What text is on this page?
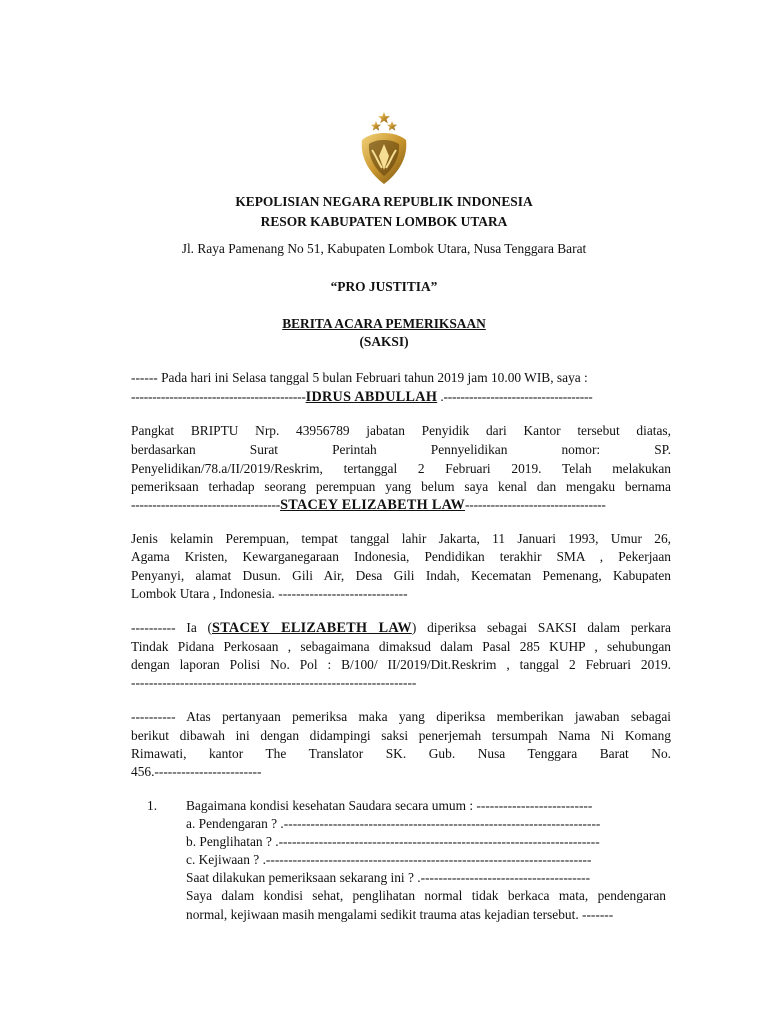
KEPOLISIAN NEGARA REPUBLIK INDONESIA
RESOR KABUPATEN LOMBOK UTARA
Jl. Raya Pamenang No 51, Kabupaten Lombok Utara, Nusa Tenggara Barat
“PRO JUSTITIA”
BERITA ACARA PEMERIKSAAN
(SAKSI)
------ Pada hari ini Selasa tanggal 5 bulan Februari tahun 2019 jam 10.00 WIB, saya :
-----------------------------------------IDRUS ABDULLAH .-----------------------------------
Pangkat BRIPTU Nrp. 43956789 jabatan Penyidik dari Kantor tersebut diatas,
berdasarkan Surat Perintah Pennyelidikan nomor: SP.
Penyelidikan/78.a/II/2019/Reskrim, tertanggal 2 Februari 2019. Telah melakukan
pemeriksaan terhadap seorang perempuan yang belum saya kenal dan mengaku bernama
-----------------------------------STACEY ELIZABETH LAW---------------------------------
Jenis kelamin Perempuan, tempat tanggal lahir Jakarta, 11 Januari 1993, Umur 26,
Agama Kristen, Kewarganegaraan Indonesia, Pendidikan terakhir SMA , Pekerjaan
Penyanyi, alamat Dusun. Gili Air, Desa Gili Indah, Kecematan Pemenang, Kabupaten
Lombok Utara , Indonesia. -----------------------------
---------- Ia (STACEY ELIZABETH LAW) diperiksa sebagai SAKSI dalam perkara
Tindak Pidana Perkosaan , sebagaimana dimaksud dalam Pasal 285 KUHP , sehubungan
dengan laporan Polisi No. Pol : B/100/ II/2019/Dit.Reskrim , tanggal 2 Februari 2019.
----------------------------------------------------------------
---------- Atas pertanyaan pemeriksa maka yang diperiksa memberikan jawaban sebagai
berikut dibawah ini dengan didampingi saksi penerjemah tersumpah Nama Ni Komang
Rimawati, kantor The Translator SK. Gub. Nusa Tenggara Barat No.
456.------------------------
1. Bagaimana kondisi kesehatan Saudara secara umum : --------------------------
a. Pendengaran ? .-----------------------------------------------------------------------
b. Penglihatan ? .------------------------------------------------------------------------
c. Kejiwaan ? .-------------------------------------------------------------------------
Saat dilakukan pemeriksaan sekarang ini ? .--------------------------------------
Saya dalam kondisi sehat, penglihatan normal tidak berkaca mata, pendengaran
normal, kejiwaan masih mengalami sedikit trauma atas kejadian tersebut. -------
